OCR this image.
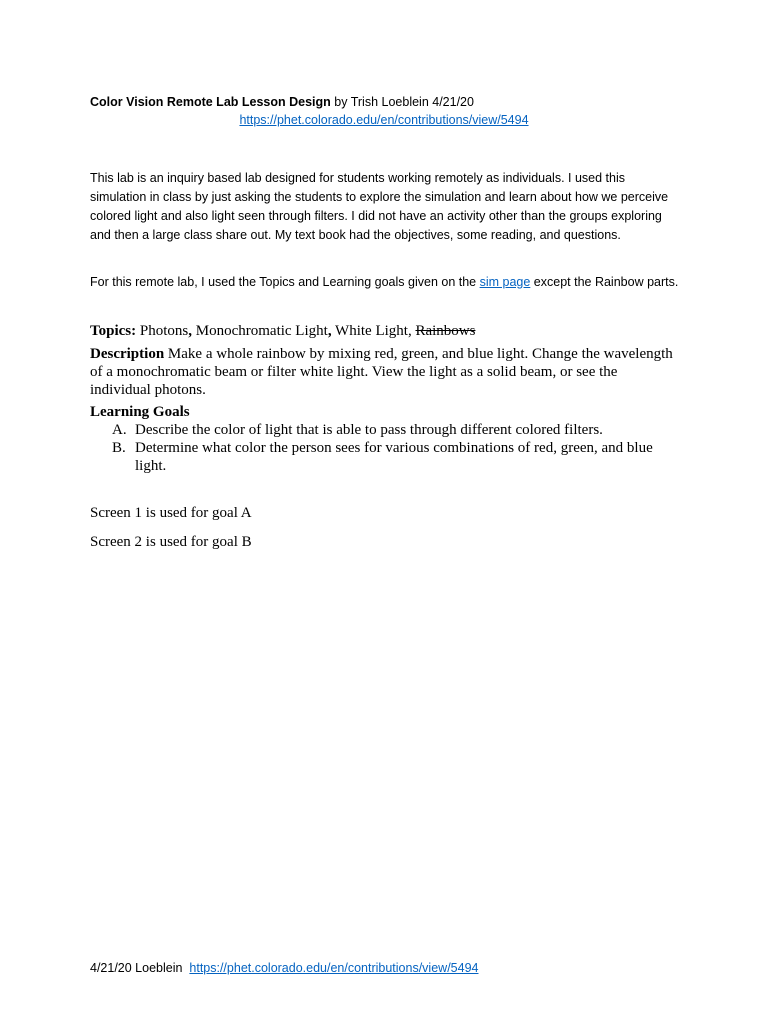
Color Vision Remote Lab Lesson Design by Trish Loeblein 4/21/20
https://phet.colorado.edu/en/contributions/view/5494
This lab is an inquiry based lab designed for students working remotely as individuals. I used this simulation in class by just asking the students to explore the simulation and learn about how we perceive colored light and also light seen through filters. I did not have an activity other than the groups exploring and then a large class share out. My text book had the objectives, some reading, and questions.
For this remote lab, I used the Topics and Learning goals given on the sim page except the Rainbow parts.
Topics: Photons, Monochromatic Light, White Light, Rainbows
Description Make a whole rainbow by mixing red, green, and blue light. Change the wavelength of a monochromatic beam or filter white light. View the light as a solid beam, or see the individual photons.
Learning Goals
A. Describe the color of light that is able to pass through different colored filters.
B. Determine what color the person sees for various combinations of red, green, and blue light.
Screen 1 is used for goal A
Screen 2 is used for goal B
4/21/20 Loeblein  https://phet.colorado.edu/en/contributions/view/5494
